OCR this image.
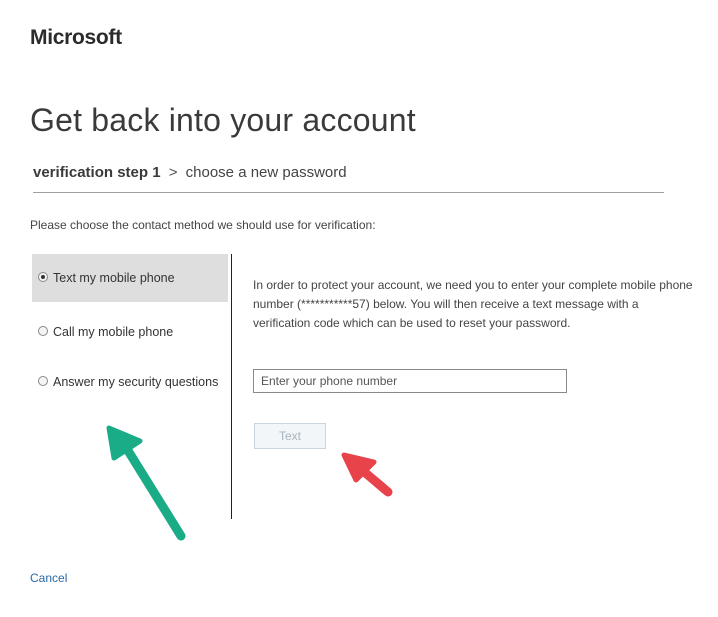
Microsoft
Get back into your account
verification step 1 > choose a new password
Please choose the contact method we should use for verification:
Text my mobile phone
Call my mobile phone
Answer my security questions
In order to protect your account, we need you to enter your complete mobile phone number (***********57) below. You will then receive a text message with a verification code which can be used to reset your password.
Enter your phone number
Text
Cancel
